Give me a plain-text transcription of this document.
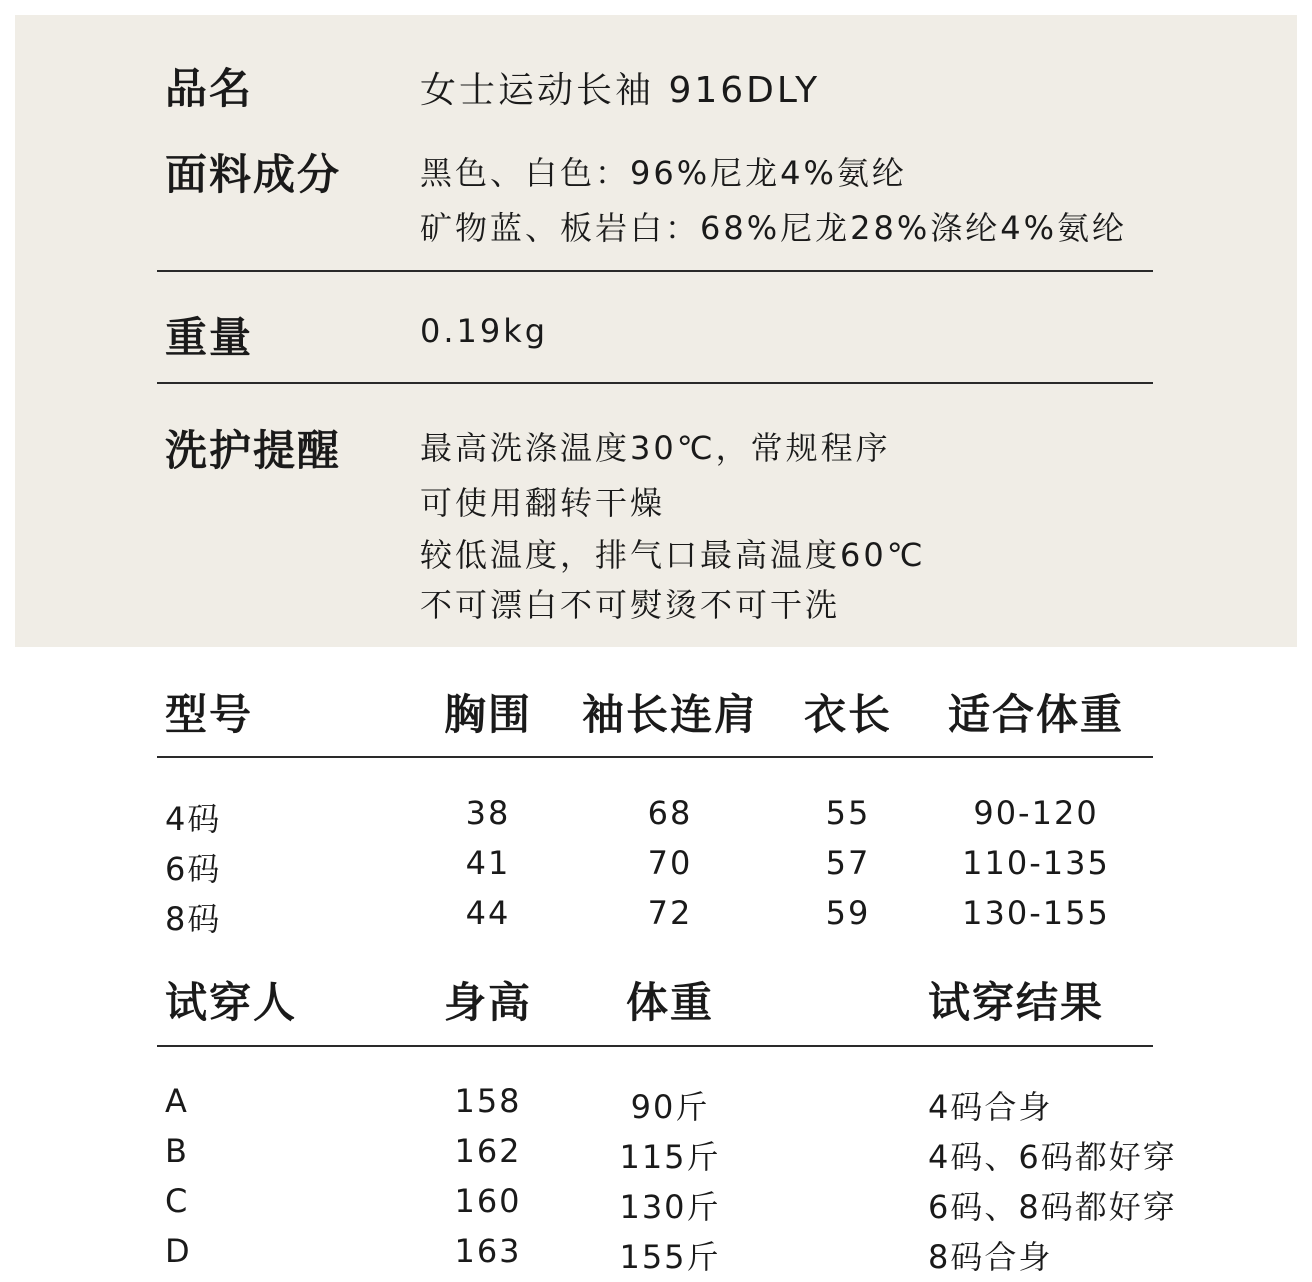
品名	女士运动长袖 916DLY
面料成分 黑色、白色：96%尼龙4%氨纶
矿物蓝、板岩白：68%尼龙28%涤纶4%氨纶
重量	0.19kg
洗护提醒 最高洗涤温度30℃，常规程序
可使用翻转干燥
较低温度，排气口最高温度60℃
不可漂白不可熨烫不可干洗
型号	胸围 袖长连肩 衣长 适合体重
4码	38	68	55	90-120
6码	41	70	57	110-135
8码	44	72	59	130-155
试穿人	身高 体重	试穿结果
A	158	90斤	4码合身
B	162	115斤	4码、6码都好穿
C	160	130斤	6码、8码都好穿
D	163	155斤	8码合身
